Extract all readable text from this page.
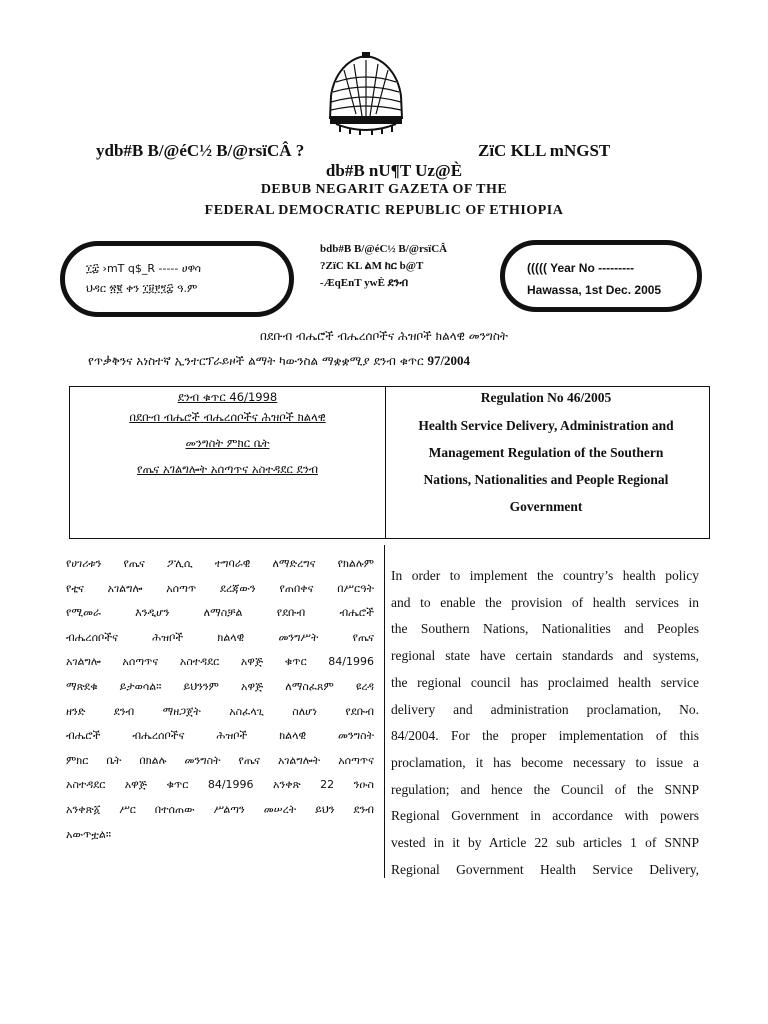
ydb#B B/@éC½ B/@rsïCÂ ?	ZïC KLL mNGST
db#B nU¶T Uz@È
DEBUB NEGARIT GAZETA OF THE
FEDERAL DEMOCRATIC REPUBLIC OF ETHIOPIA
፲፰ ›mT q$_R ----- ሀዋሳ
ህዳር ፳፪ ቀን ፲፱፻፺፰ ዓ.ም
bdb#B B/@éC½ B/@rsïCÂ
?ZïC KL ልM ከር b@T
-ÆqEnT ywÈ ደንብ
((((( Year No ---------
Hawassa, 1st Dec. 2005
በደቡብ ብሔሮች ብሔረሰቦችና ሕዝቦች ክልላዊ መንግስት
የጥቃቅንና አነስተኛ ኢንተርፕራይዞች ልማት ካውንስል ማቋቋሚያ ደንብ ቁጥር 97/2004
ደንብ ቁጥር 46/1998
በደቡብ ብሔሮች ብሔረሰቦችና ሕዝቦች ክልላዊ
መንግስት ምክር ቤት
የጤና አገልግሎት አሰጣጥና አስተዳደር ደንብ
Regulation No 46/2005
Health Service Delivery, Administration and
Management Regulation of the Southern
Nations, Nationalities and People Regional
Government
የሀገሪቱን የጤና ፖሊሲ ተግባራዊ ለማድረግና የክልሉም
የቲና አገልግሎ አሰጣጥ ደረጃውን የጠበቀና በሥርዓት
የሚመራ እንዲሆን ለማስቻል የደቡብ ብሔሮች
ብሔረሰቦችና ሕዝቦች ክልላዊ መንግሥት የጤና
አገልግሎ አሰጣጥና አስተዳደር አዋጅ ቁጥር 84/1996
ማጽደቁ ይታወሳል። ይህንንም አዋጅ ለማስፈጸም ዩረዳ
ዘንድ ደንብ ማዘጋጀት አስፈላጊ ስለሆነ የደቡብ
ብሔሮች ብሔረሰቦችና ሕዝቦች ክልላዊ መንግስት
ምክር ቤት በክልሉ መንግስት የጤና አገልግሎት አሰጣጥና
አስተዳደር አዋጅ ቁጥር 84/1996 አንቀጽ 22 ንዑስ
አንቀጽ፩ ሥር በተሰጠው ሥልጣን መሠረት ይህን ደንብ
አውጥቷል።
In order to implement the country’s health policy
and to enable the provision of health services in
the Southern Nations, Nationalities and Peoples
regional state have certain standards and systems,
the regional council has proclaimed health service
delivery and administration proclamation, No.
84/2004. For the proper implementation of this
proclamation, it has become necessary to issue a
regulation; and hence the Council of the SNNP
Regional Government in accordance with powers
vested in it by Article 22 sub articles 1 of SNNP
Regional Government Health Service Delivery,
